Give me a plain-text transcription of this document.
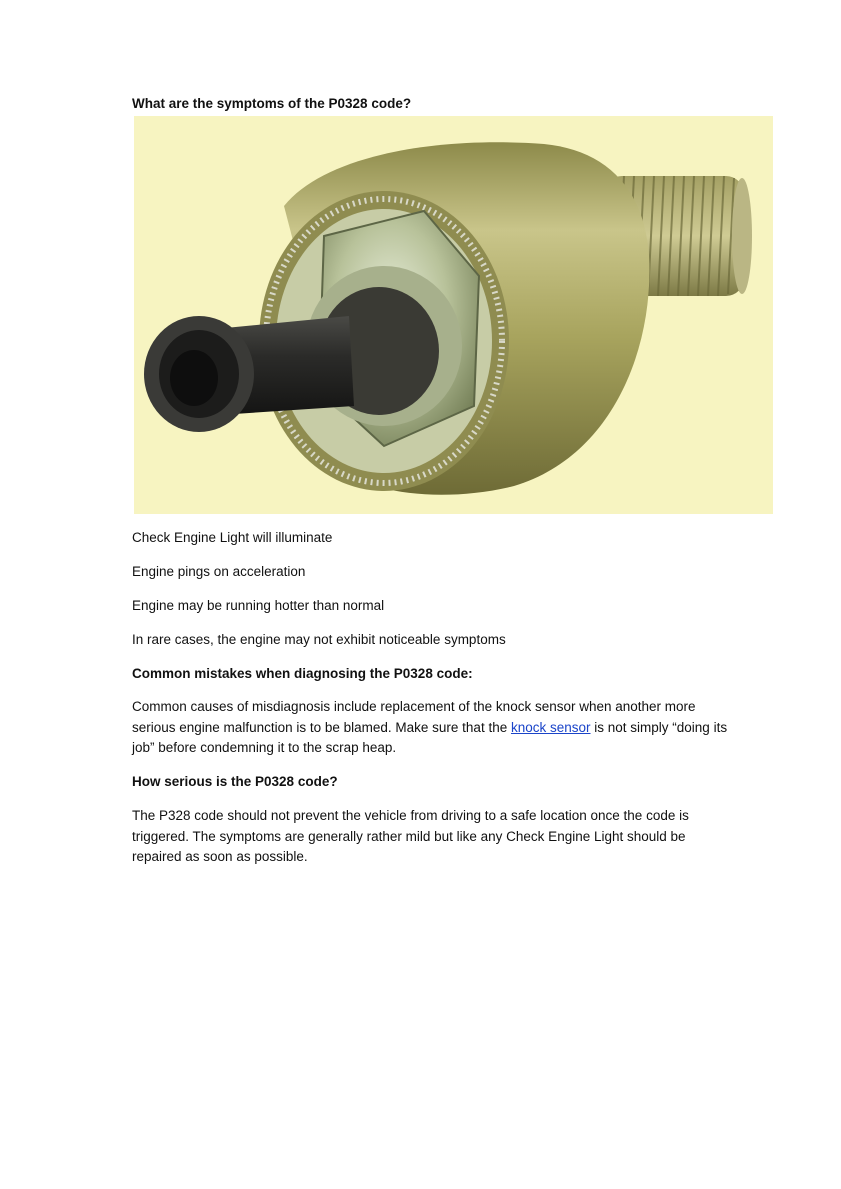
What are the symptoms of the P0328 code?

Check Engine Light will illuminate

Engine pings on acceleration

Engine may be running hotter than normal

In rare cases, the engine may not exhibit noticeable symptoms

Common mistakes when diagnosing the P0328 code:

Common causes of misdiagnosis include replacement of the knock sensor when another more serious engine malfunction is to be blamed. Make sure that the knock sensor is not simply “doing its job” before condemning it to the scrap heap.

How serious is the P0328 code?

The P328 code should not prevent the vehicle from driving to a safe location once the code is triggered. The symptoms are generally rather mild but like any Check Engine Light should be repaired as soon as possible.
